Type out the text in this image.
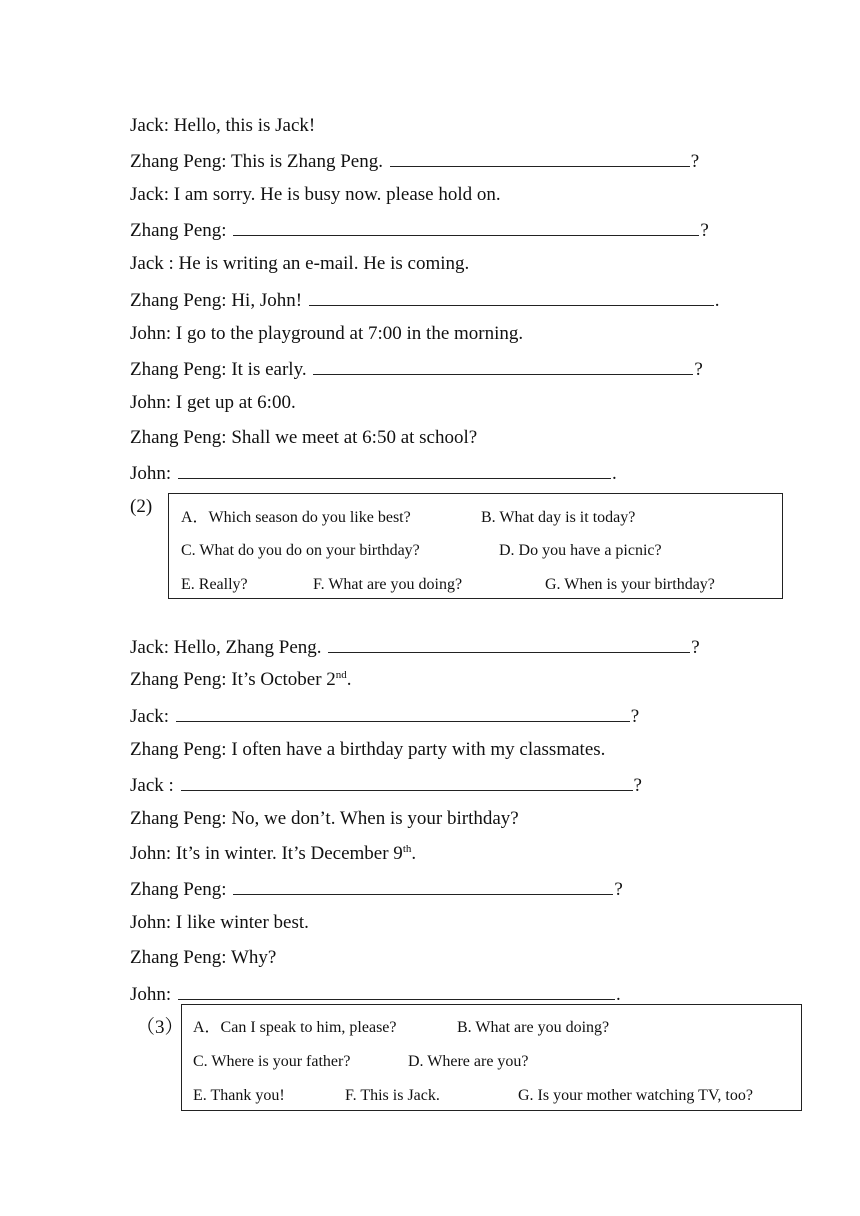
Jack: Hello, this is Jack!
Zhang Peng: This is Zhang Peng.	?
Jack: I am sorry. He is busy now. please hold on.
Zhang Peng:	?
Jack : He is writing an e-mail. He is coming.
Zhang Peng: Hi, John!	.
John: I go to the playground at 7:00 in the morning.
Zhang Peng: It is early.	?
John: I get up at 6:00.
Zhang Peng: Shall we meet at 6:50 at school?
John:	.
(2)
A．Which season do you like best?	B. What day is it today?
C. What do you do on your birthday?	D. Do you have a picnic?
E. Really?	F. What are you doing?	G. When is your birthday?
Jack: Hello, Zhang Peng.	?
Zhang Peng: It’s October 2nd.
Jack:	?
Zhang Peng: I often have a birthday party with my classmates.
Jack :	?
Zhang Peng: No, we don’t. When is your birthday?
John: It’s in winter. It’s December 9th.
Zhang Peng:	?
John: I like winter best.
Zhang Peng: Why?
John:	.
（3） A．Can I speak to him, please?	B. What are you doing?
C. Where is your father?	D. Where are you?
E. Thank you!	F. This is Jack.	G. Is your mother watching TV, too?
